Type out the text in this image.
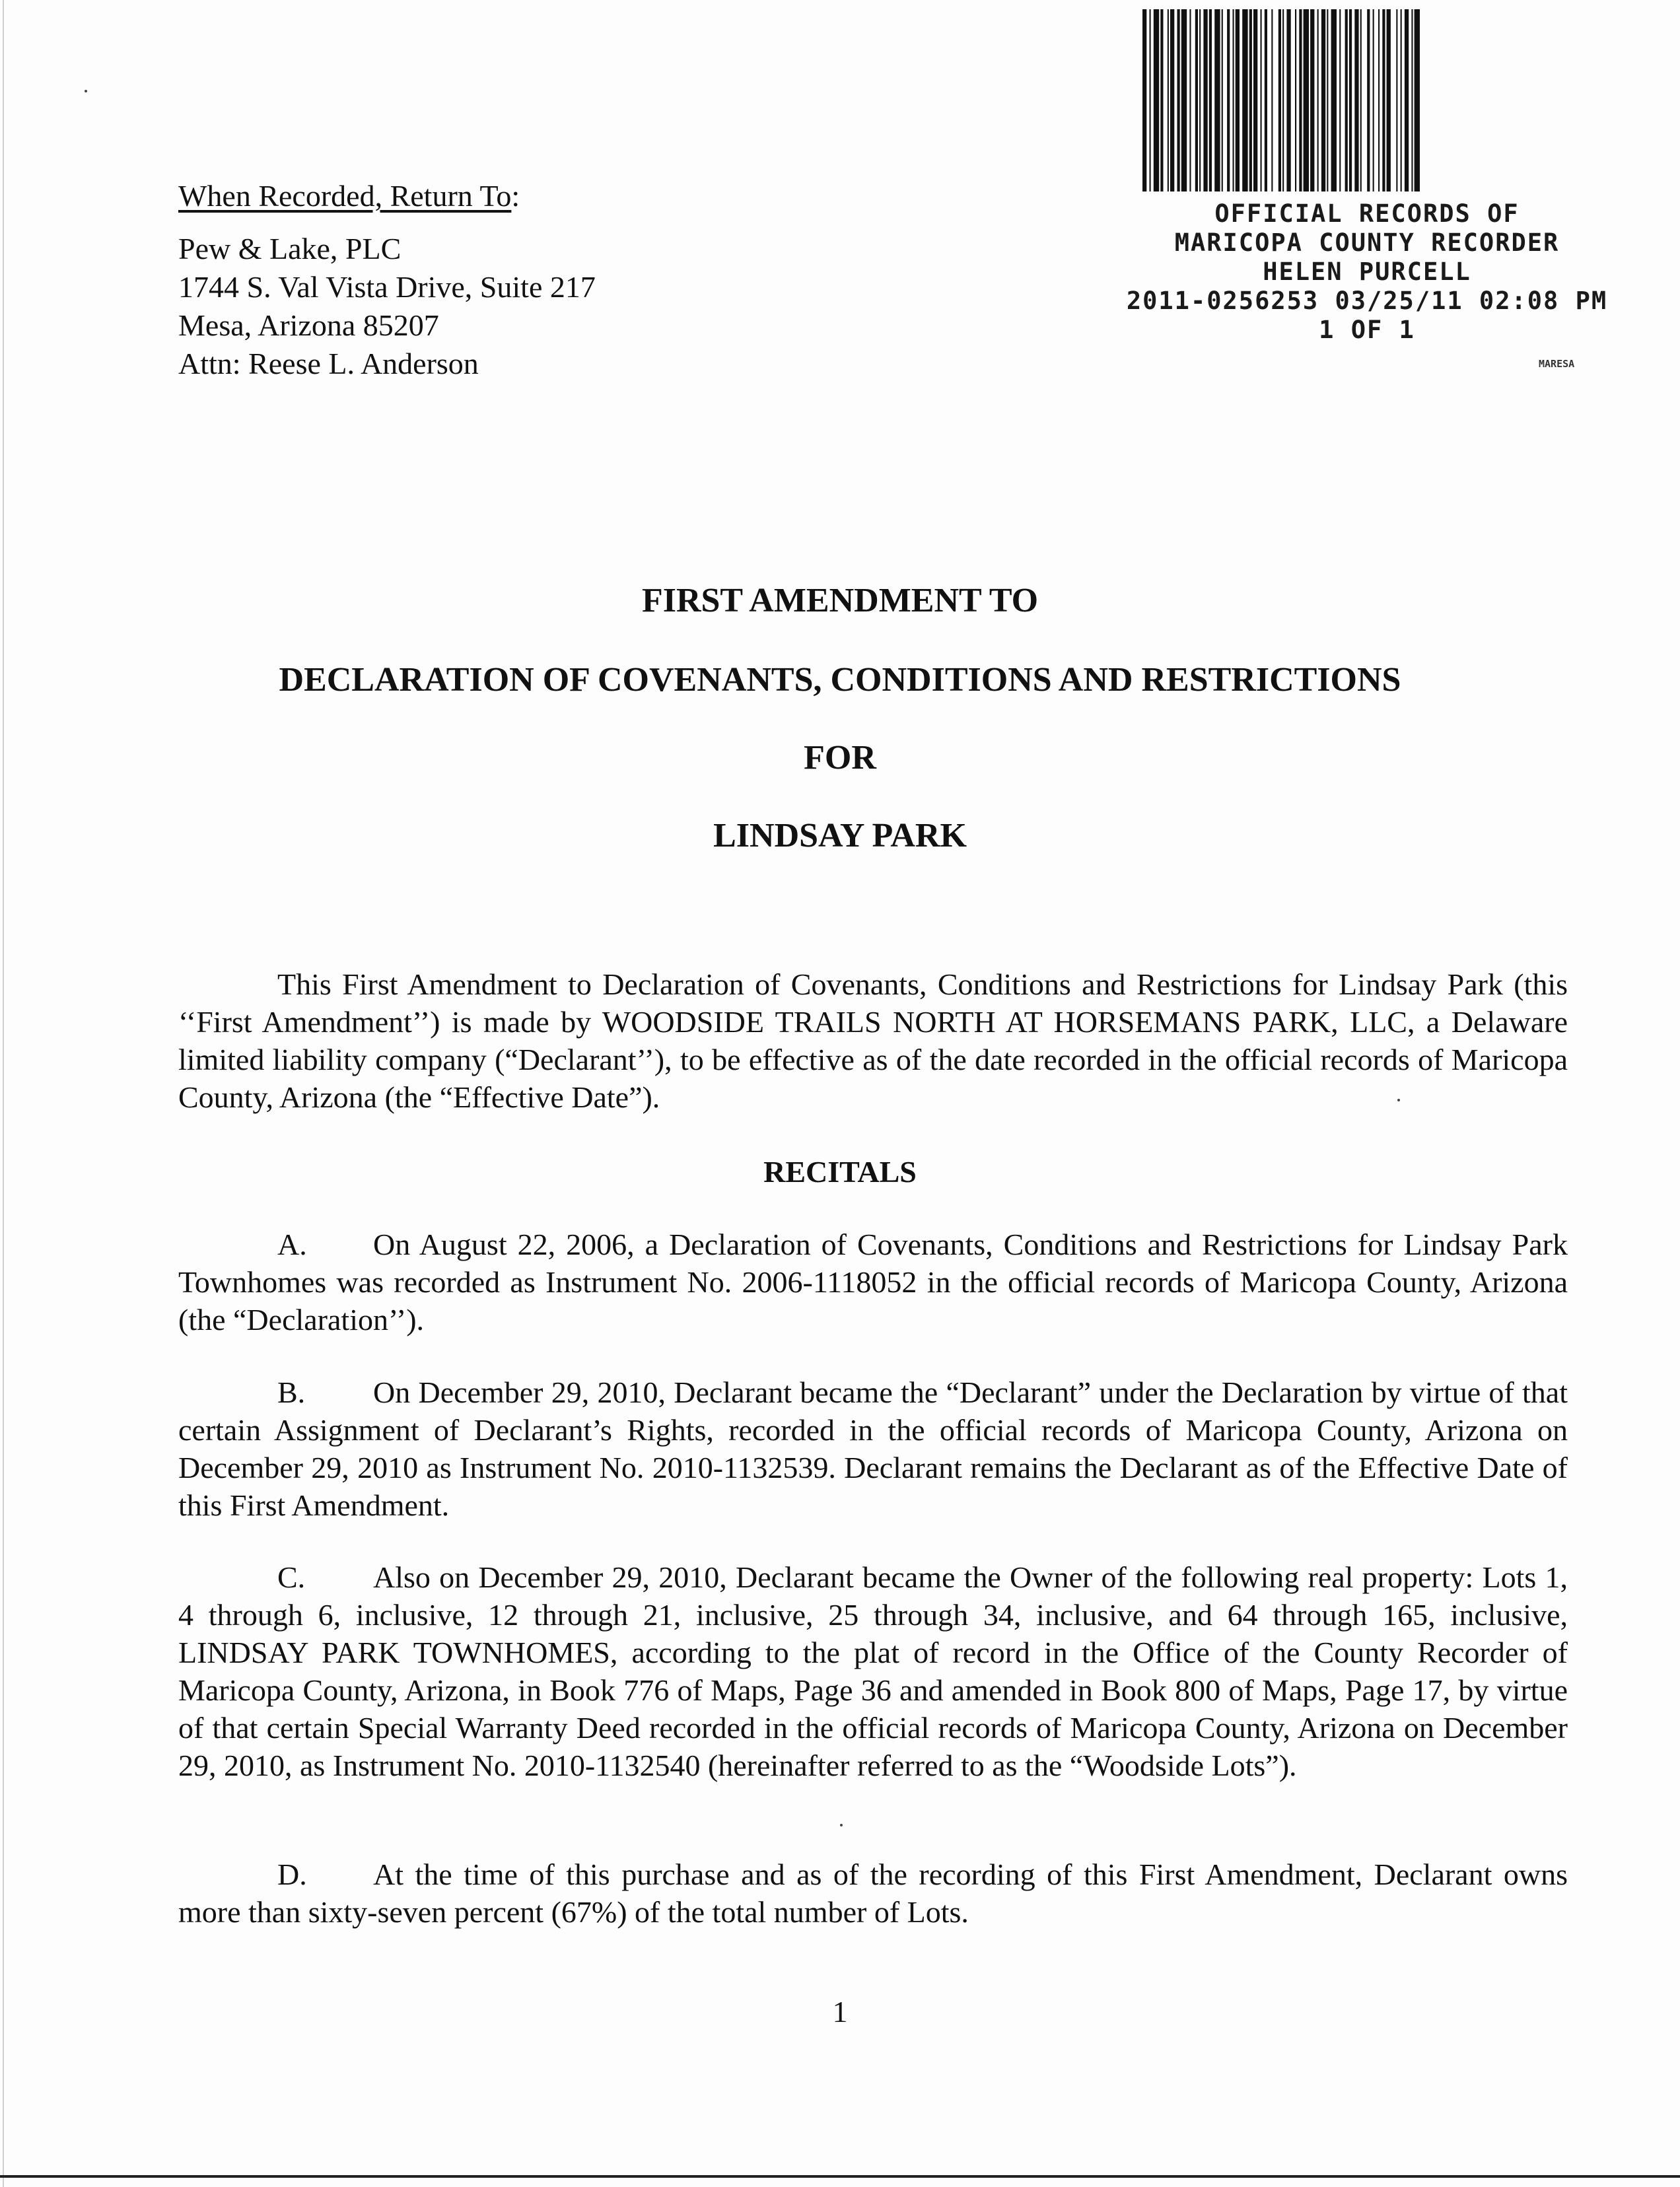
When Recorded, Return To:
Pew & Lake, PLC
1744 S. Val Vista Drive, Suite 217
Mesa, Arizona 85207
Attn: Reese L. Anderson
OFFICIAL RECORDS OF
MARICOPA COUNTY RECORDER
HELEN PURCELL
2011-0256253 03/25/11 02:08 PM
1 OF 1
MARESA
FIRST AMENDMENT TO
DECLARATION OF COVENANTS, CONDITIONS AND RESTRICTIONS
FOR
LINDSAY PARK
This First Amendment to Declaration of Covenants, Conditions and Restrictions for Lindsay Park (this ‘‘First Amendment’’) is made by WOODSIDE TRAILS NORTH AT HORSEMANS PARK, LLC, a Delaware limited liability company (“Declarant’’), to be effective as of the date recorded in the official records of Maricopa County, Arizona (the “Effective Date”).
RECITALS
A. On August 22, 2006, a Declaration of Covenants, Conditions and Restrictions for Lindsay Park Townhomes was recorded as Instrument No. 2006-1118052 in the official records of Maricopa County, Arizona (the “Declaration’’).
B. On December 29, 2010, Declarant became the “Declarant” under the Declaration by virtue of that certain Assignment of Declarant’s Rights, recorded in the official records of Maricopa County, Arizona on December 29, 2010 as Instrument No. 2010-1132539. Declarant remains the Declarant as of the Effective Date of this First Amendment.
C. Also on December 29, 2010, Declarant became the Owner of the following real property: Lots 1, 4 through 6, inclusive, 12 through 21, inclusive, 25 through 34, inclusive, and 64 through 165, inclusive, LINDSAY PARK TOWNHOMES, according to the plat of record in the Office of the County Recorder of Maricopa County, Arizona, in Book 776 of Maps, Page 36 and amended in Book 800 of Maps, Page 17, by virtue of that certain Special Warranty Deed recorded in the official records of Maricopa County, Arizona on December 29, 2010, as Instrument No. 2010-1132540 (hereinafter referred to as the “Woodside Lots”).
D. At the time of this purchase and as of the recording of this First Amendment, Declarant owns more than sixty-seven percent (67%) of the total number of Lots.
1
